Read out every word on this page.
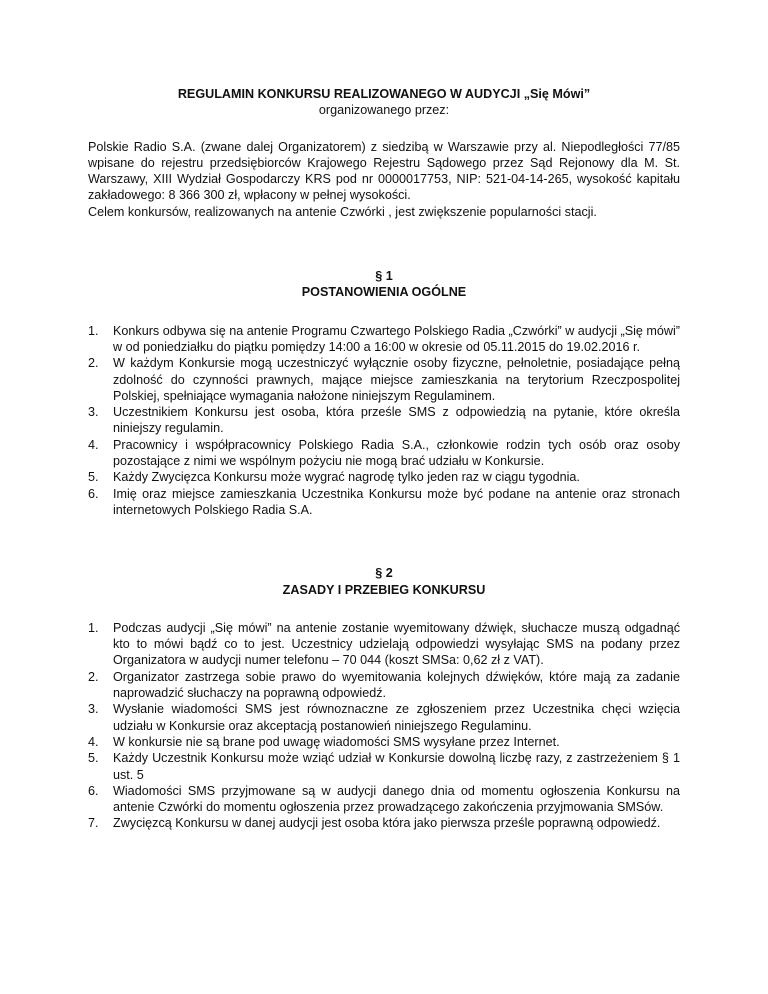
REGULAMIN KONKURSU REALIZOWANEGO W AUDYCJI „Się Mówi”

organizowanego przez:

Polskie Radio S.A. (zwane dalej Organizatorem) z siedzibą w Warszawie przy al. Niepodległości 77/85 wpisane do rejestru przedsiębiorców Krajowego Rejestru Sądowego przez Sąd Rejonowy dla M. St. Warszawy, XIII Wydział Gospodarczy KRS pod nr 0000017753, NIP: 521-04-14-265, wysokość kapitału zakładowego: 8 366 300 zł, wpłacony w pełnej wysokości.

Celem konkursów, realizowanych na antenie Czwórki , jest zwiększenie popularności stacji.

§ 1

POSTANOWIENIA OGÓLNE

1. Konkurs odbywa się na antenie Programu Czwartego Polskiego Radia „Czwórki” w audycji „Się mówi” w od poniedziałku do piątku pomiędzy 14:00 a 16:00 w okresie od 05.11.2015 do 19.02.2016 r.
2. W każdym Konkursie mogą uczestniczyć wyłącznie osoby fizyczne, pełnoletnie, posiadające pełną zdolność do czynności prawnych, mające miejsce zamieszkania na terytorium Rzeczpospolitej Polskiej, spełniające wymagania nałożone niniejszym Regulaminem.
3. Uczestnikiem Konkursu jest osoba, która prześle SMS z odpowiedzią na pytanie, które określa niniejszy regulamin.
4. Pracownicy i współpracownicy Polskiego Radia S.A., członkowie rodzin tych osób oraz osoby pozostające z nimi we wspólnym pożyciu nie mogą brać udziału w Konkursie.
5. Każdy Zwycięzca Konkursu może wygrać nagrodę tylko jeden raz w ciągu tygodnia.
6. Imię oraz miejsce zamieszkania Uczestnika Konkursu może być podane na antenie oraz stronach internetowych Polskiego Radia S.A.

§ 2

ZASADY I PRZEBIEG KONKURSU

1. Podczas audycji „Się mówi” na antenie zostanie wyemitowany dźwięk, słuchacze muszą odgadnąć kto to mówi bądź co to jest. Uczestnicy udzielają odpowiedzi wysyłając SMS na podany przez Organizatora w audycji numer telefonu – 70 044 (koszt SMSa: 0,62 zł z VAT).
2. Organizator zastrzega sobie prawo do wyemitowania kolejnych dźwięków, które mają za zadanie naprowadzić słuchaczy na poprawną odpowiedź.
3. Wysłanie wiadomości SMS jest równoznaczne ze zgłoszeniem przez Uczestnika chęci wzięcia udziału w Konkursie oraz akceptacją postanowień niniejszego Regulaminu.
4. W konkursie nie są brane pod uwagę wiadomości SMS wysyłane przez Internet.
5. Każdy Uczestnik Konkursu może wziąć udział w Konkursie dowolną liczbę razy, z zastrzeżeniem § 1 ust. 5
6. Wiadomości SMS przyjmowane są w audycji danego dnia od momentu ogłoszenia Konkursu na antenie Czwórki do momentu ogłoszenia przez prowadzącego zakończenia przyjmowania SMSów.
7. Zwycięzcą Konkursu w danej audycji jest osoba która jako pierwsza prześle poprawną odpowiedź.
